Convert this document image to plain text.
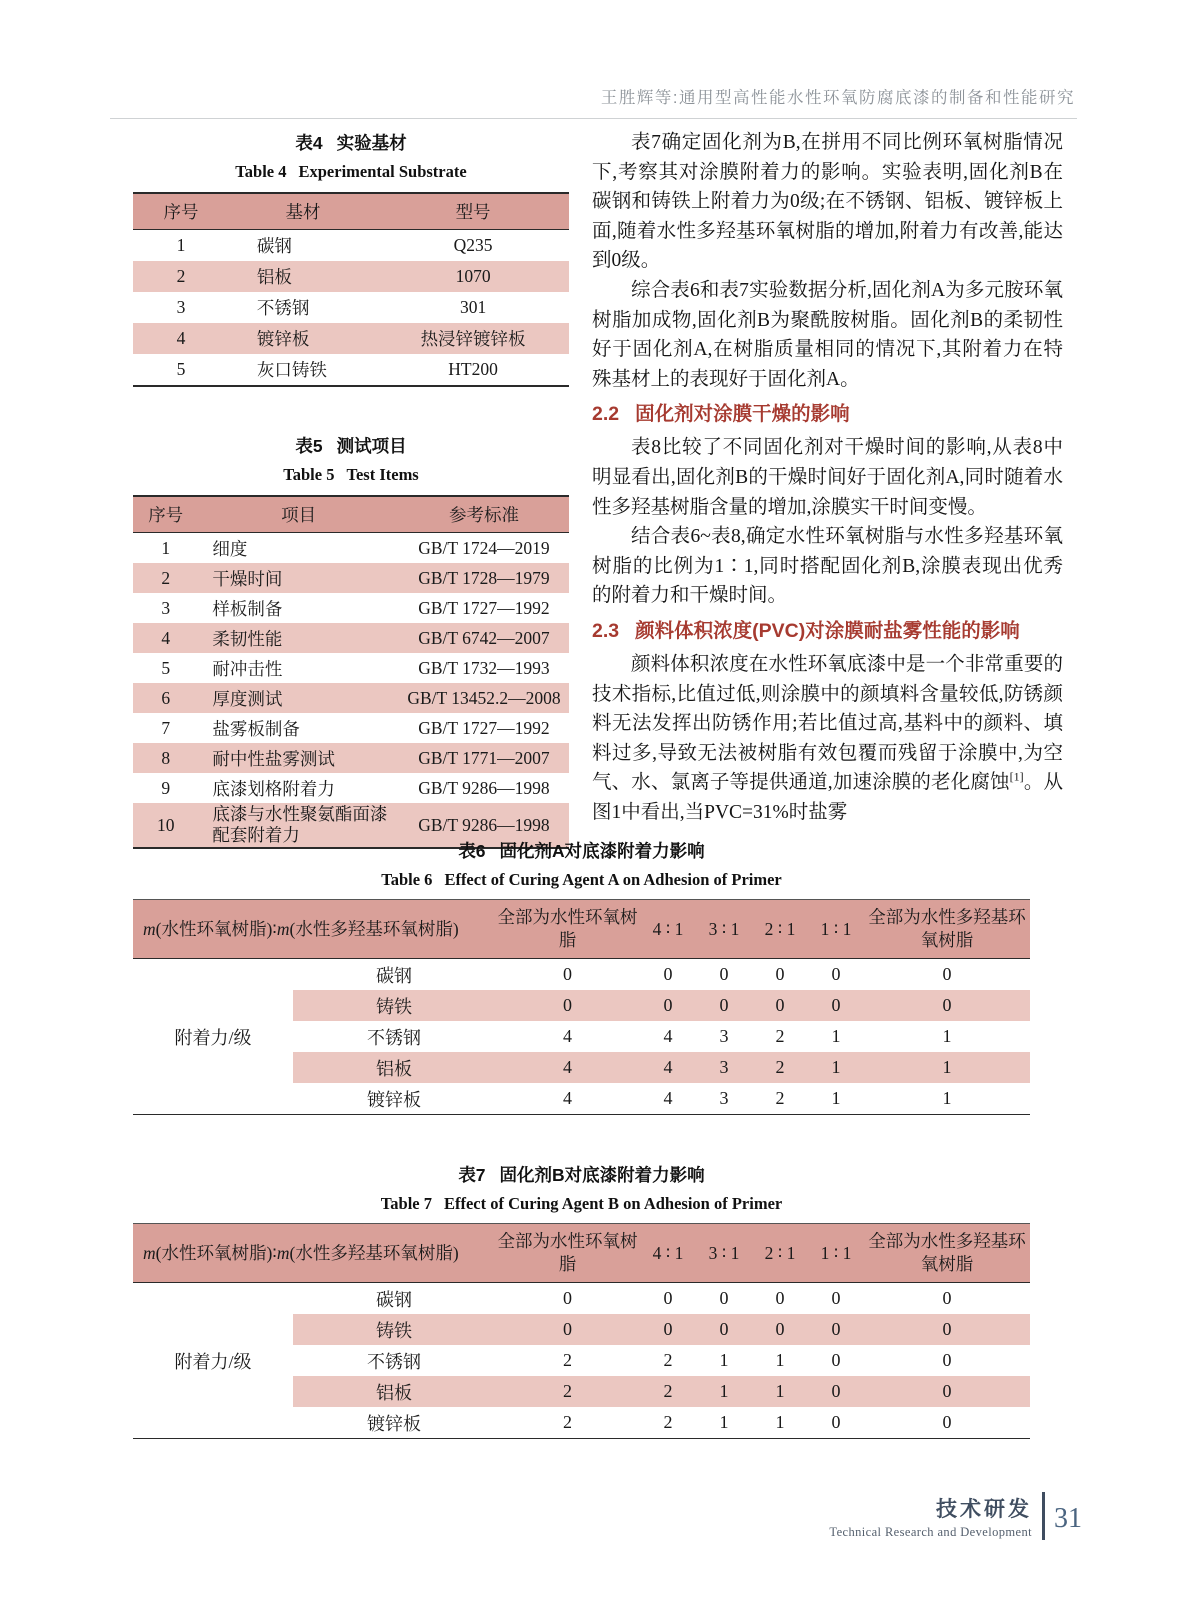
王胜辉等:通用型高性能水性环氧防腐底漆的制备和性能研究
表4 实验基材
Table 4 Experimental Substrate
序号	基材	型号
1	碳钢	Q235
2	铝板	1070
3	不锈钢	301
4	镀锌板	热浸锌镀锌板
5	灰口铸铁	HT200
表5 测试项目
Table 5 Test Items
序号	项目	参考标准
1	细度	GB/T 1724—2019
2	干燥时间	GB/T 1728—1979
3	样板制备	GB/T 1727—1992
4	柔韧性能	GB/T 6742—2007
5	耐冲击性	GB/T 1732—1993
6	厚度测试	GB/T 13452.2—2008
7	盐雾板制备	GB/T 1727—1992
8	耐中性盐雾测试	GB/T 1771—2007
9	底漆划格附着力	GB/T 9286—1998
10	底漆与水性聚氨酯面漆配套附着力	GB/T 9286—1998

表7确定固化剂为B,在拼用不同比例环氧树脂情况下,考察其对涂膜附着力的影响。实验表明,固化剂B在碳钢和铸铁上附着力为0级;在不锈钢、铝板、镀锌板上面,随着水性多羟基环氧树脂的增加,附着力有改善,能达到0级。

综合表6和表7实验数据分析,固化剂A为多元胺环氧树脂加成物,固化剂B为聚酰胺树脂。固化剂B的柔韧性好于固化剂A,在树脂质量相同的情况下,其附着力在特殊基材上的表现好于固化剂A。

2.2 固化剂对涂膜干燥的影响

表8比较了不同固化剂对干燥时间的影响,从表8中明显看出,固化剂B的干燥时间好于固化剂A,同时随着水性多羟基树脂含量的增加,涂膜实干时间变慢。

结合表6~表8,确定水性环氧树脂与水性多羟基环氧树脂的比例为1∶1,同时搭配固化剂B,涂膜表现出优秀的附着力和干燥时间。

2.3 颜料体积浓度(PVC)对涂膜耐盐雾性能的影响

颜料体积浓度在水性环氧底漆中是一个非常重要的技术指标,比值过低,则涂膜中的颜填料含量较低,防锈颜料无法发挥出防锈作用;若比值过高,基料中的颜料、填料过多,导致无法被树脂有效包覆而残留于涂膜中,为空气、水、氯离子等提供通道,加速涂膜的老化腐蚀[1]。从图1中看出,当PVC=31%时盐雾

表6 固化剂A对底漆附着力影响
Table 6 Effect of Curing Agent A on Adhesion of Primer
m(水性环氧树脂)∶m(水性多羟基环氧树脂)		全部为水性环氧树脂	4 ∶ 1	3 ∶ 1	2 ∶ 1	1 ∶ 1	全部为水性多羟基环氧树脂
附着力/级	碳钢	0	0	0	0	0	0
	铸铁	0	0	0	0	0	0
	不锈钢	4	4	3	2	1	1
	铝板	4	4	3	2	1	1
	镀锌板	4	4	3	2	1	1
表7 固化剂B对底漆附着力影响
Table 7 Effect of Curing Agent B on Adhesion of Primer
m(水性环氧树脂)∶m(水性多羟基环氧树脂)		全部为水性环氧树脂	4 ∶ 1	3 ∶ 1	2 ∶ 1	1 ∶ 1	全部为水性多羟基环氧树脂
附着力/级	碳钢	0	0	0	0	0	0
	铸铁	0	0	0	0	0	0
	不锈钢	2	2	1	1	0	0
	铝板	2	2	1	1	0	0
	镀锌板	2	2	1	1	0	0
技术研发
Technical Research and Development 31
